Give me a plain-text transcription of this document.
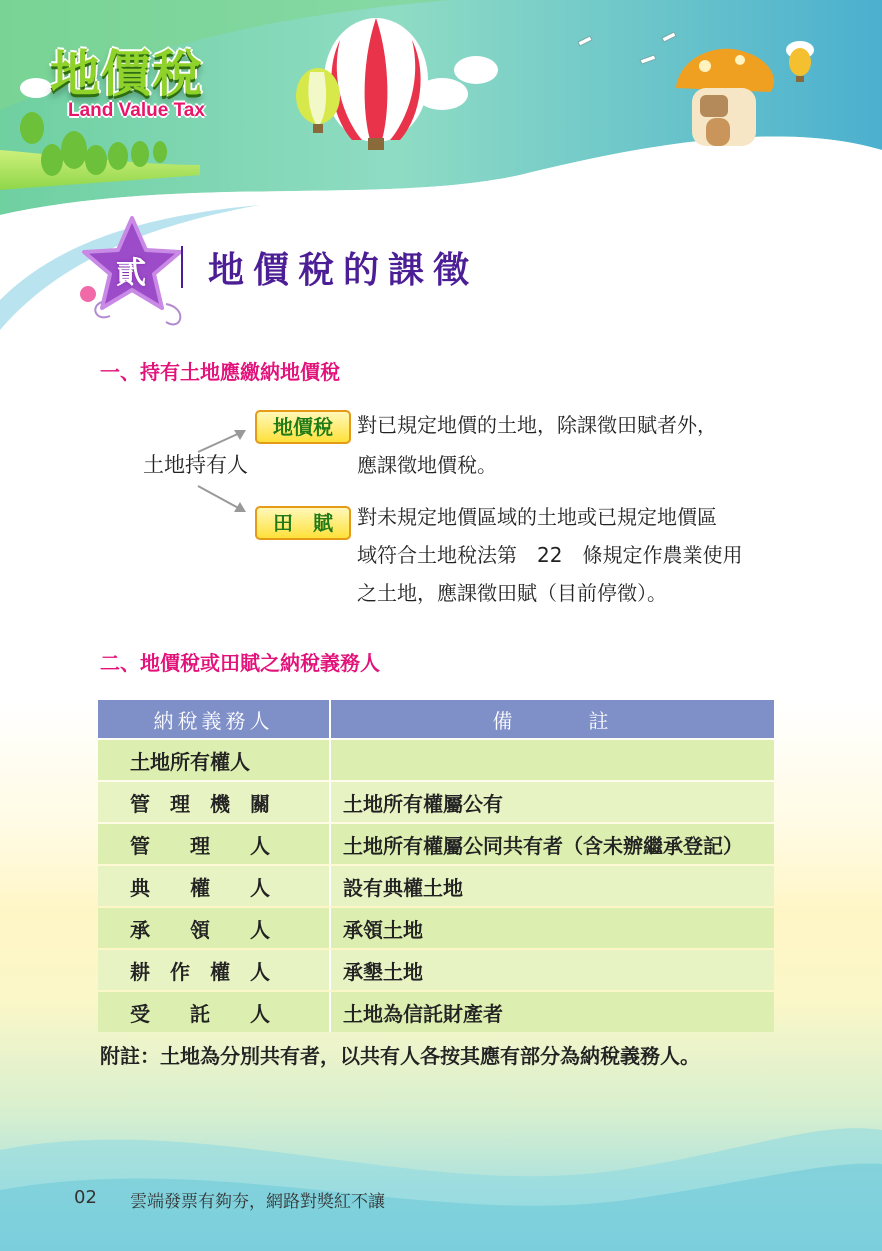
地價稅
Land Value Tax
貳 地價稅的課徵
一、持有土地應繳納地價稅
土地持有人
地價稅
田　賦
對已規定地價的土地，除課徵田賦者外，
應課徵地價稅。
對未規定地價區域的土地或已規定地價區
域符合土地稅法第　22　條規定作農業使用
之土地，應課徵田賦（目前停徵）。
二、地價稅或田賦之納稅義務人
納稅義務人	備　　　註
土地所有權人	
管　理　機　關	土地所有權屬公有
管　　理　　人	土地所有權屬公同共有者（含未辦繼承登記）
典　　權　　人	設有典權土地
承　　領　　人	承領土地
耕　作　權　人	承墾土地
受　　託　　人	土地為信託財產者
附註：土地為分別共有者，以共有人各按其應有部分為納稅義務人。
02 雲端發票有夠夯，網路對獎紅不讓
